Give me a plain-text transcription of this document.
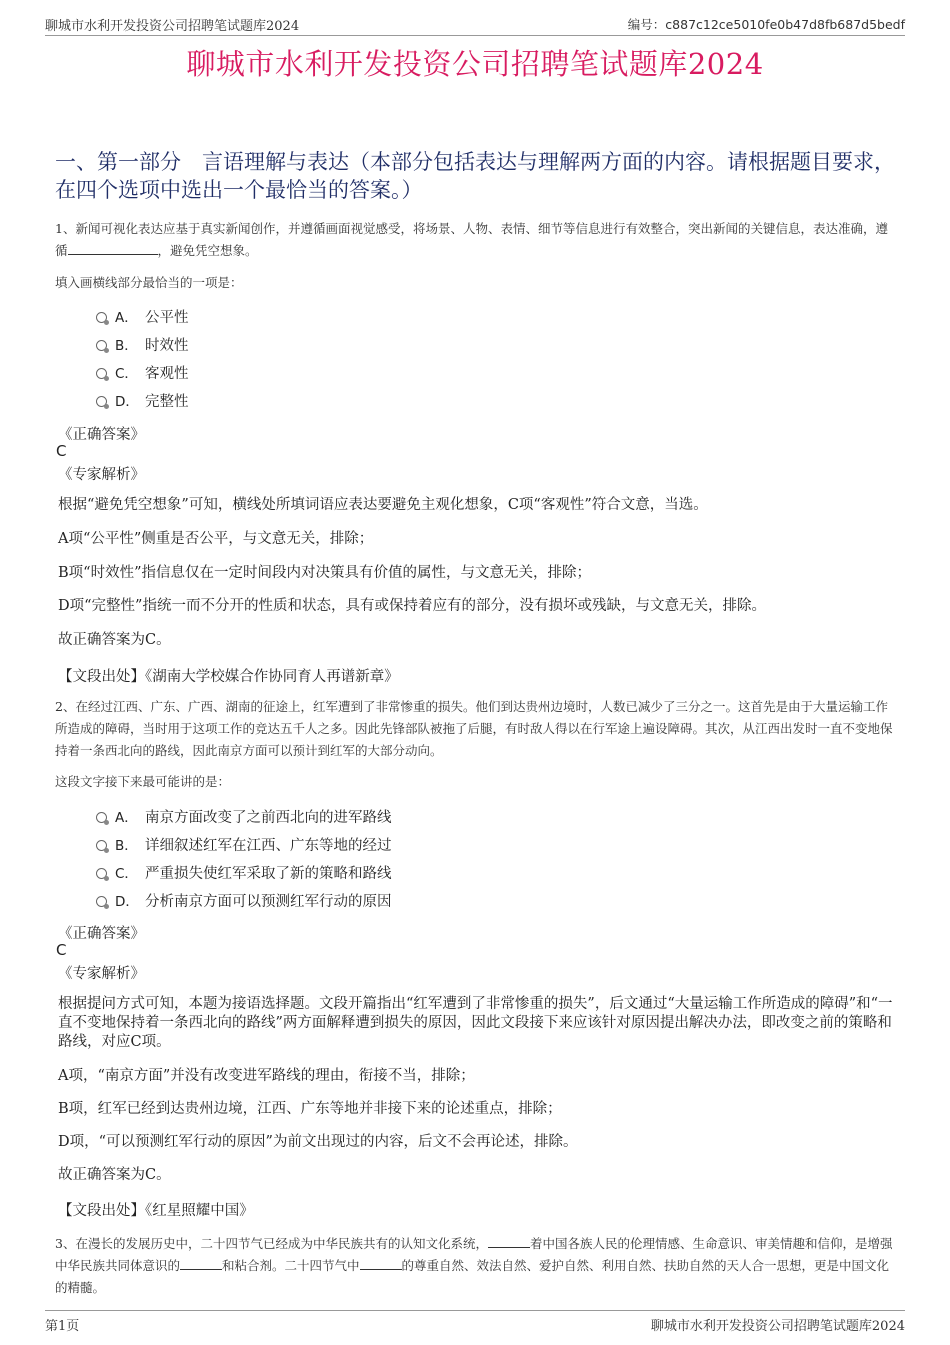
聊城市水利开发投资公司招聘笔试题库2024	编号：c887c12ce5010fe0b47d8fb687d5bedf
聊城市水利开发投资公司招聘笔试题库2024
一、第一部分　言语理解与表达（本部分包括表达与理解两方面的内容。请根据题目要求，在四个选项中选出一个最恰当的答案。）
1、新闻可视化表达应基于真实新闻创作，并遵循画面视觉感受，将场景、人物、表情、细节等信息进行有效整合，突出新闻的关键信息，表达准确，遵循	，避免凭空想象。
填入画横线部分最恰当的一项是：
A． 公平性
B． 时效性
C． 客观性
D． 完整性
《正确答案》
C
《专家解析》
根据“避免凭空想象”可知，横线处所填词语应表达要避免主观化想象，C项“客观性”符合文意，当选。
A项“公平性”侧重是否公平，与文意无关，排除；
B项“时效性”指信息仅在一定时间段内对决策具有价值的属性，与文意无关，排除；
D项“完整性”指统一而不分开的性质和状态，具有或保持着应有的部分，没有损坏或残缺，与文意无关，排除。
故正确答案为C。
【文段出处】《湖南大学校媒合作协同育人再谱新章》
2、在经过江西、广东、广西、湖南的征途上，红军遭到了非常惨重的损失。他们到达贵州边境时，人数已减少了三分之一。这首先是由于大量运输工作所造成的障碍，当时用于这项工作的竞达五千人之多。因此先锋部队被拖了后腿，有时敌人得以在行军途上遍设障碍。其次，从江西出发时一直不变地保持着一条西北向的路线，因此南京方面可以预计到红军的大部分动向。
这段文字接下来最可能讲的是：
A． 南京方面改变了之前西北向的进军路线
B． 详细叙述红军在江西、广东等地的经过
C． 严重损失使红军采取了新的策略和路线
D． 分析南京方面可以预测红军行动的原因
《正确答案》
C
《专家解析》
根据提问方式可知，本题为接语选择题。文段开篇指出“红军遭到了非常惨重的损失”，后文通过“大量运输工作所造成的障碍”和“一直不变地保持着一条西北向的路线”两方面解释遭到损失的原因，因此文段接下来应该针对原因提出解决办法，即改变之前的策略和路线，对应C项。
A项，“南京方面”并没有改变进军路线的理由，衔接不当，排除；
B项，红军已经到达贵州边境，江西、广东等地并非接下来的论述重点，排除；
D项，“可以预测红军行动的原因”为前文出现过的内容，后文不会再论述，排除。
故正确答案为C。
【文段出处】《红星照耀中国》
3、在漫长的发展历史中，二十四节气已经成为中华民族共有的认知文化系统，	着中国各族人民的伦理情感、生命意识、审美情趣和信仰，是增强中华民族共同体意识的	和粘合剂。二十四节气中	的尊重自然、效法自然、爱护自然、利用自然、扶助自然的天人合一思想，更是中国文化的精髓。
第1页	聊城市水利开发投资公司招聘笔试题库2024
